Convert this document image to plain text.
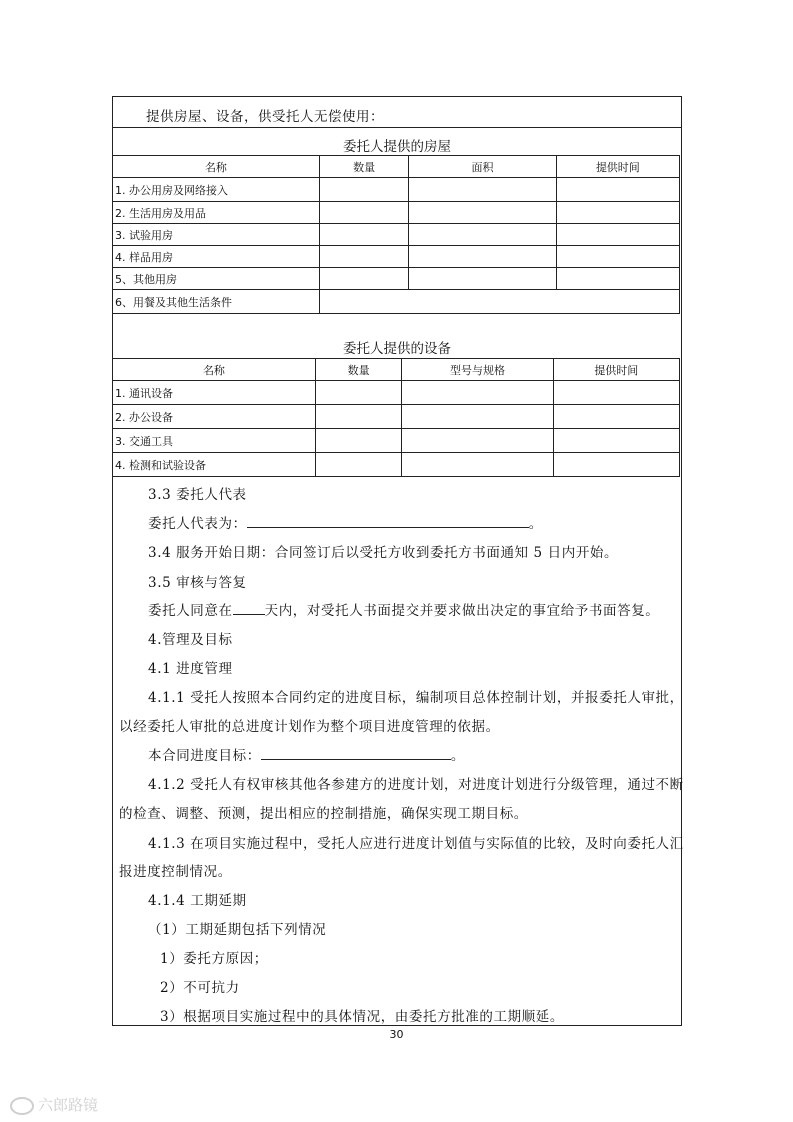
提供房屋、设备，供受托人无偿使用：
委托人提供的房屋
名称	数量	面积	提供时间
1. 办公用房及网络接入			
2. 生活用房及用品			
3. 试验用房			
4. 样品用房			
5、其他用房			
6、用餐及其他生活条件			
委托人提供的设备
名称	数量	型号与规格	提供时间
1. 通讯设备			
2. 办公设备			
3. 交通工具			
4. 检测和试验设备			
3.3 委托人代表
委托人代表为：	。
3.4 服务开始日期：合同签订后以受托方收到委托方书面通知 5 日内开始。
3.5 审核与答复
委托人同意在 天内，对受托人书面提交并要求做出决定的事宜给予书面答复。
4.管理及目标
4.1 进度管理
4.1.1 受托人按照本合同约定的进度目标，编制项目总体控制计划，并报委托人审批，
以经委托人审批的总进度计划作为整个项目进度管理的依据。
本合同进度目标：	。
4.1.2 受托人有权审核其他各参建方的进度计划，对进度计划进行分级管理，通过不断
的检查、调整、预测，提出相应的控制措施，确保实现工期目标。
4.1.3 在项目实施过程中，受托人应进行进度计划值与实际值的比较，及时向委托人汇
报进度控制情况。
4.1.4 工期延期
（1）工期延期包括下列情况
1）委托方原因；
2）不可抗力
3）根据项目实施过程中的具体情况，由委托方批准的工期顺延。
30
六郎路镜
